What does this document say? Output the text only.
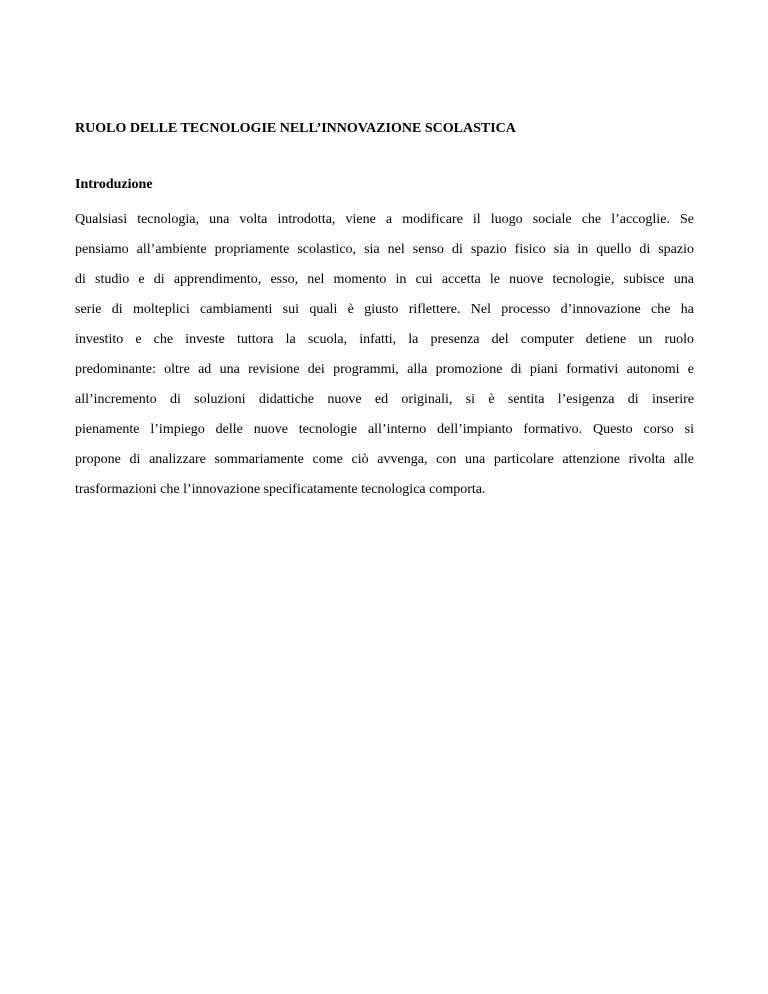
RUOLO DELLE TECNOLOGIE NELL’INNOVAZIONE SCOLASTICA
Introduzione
Qualsiasi tecnologia, una volta introdotta, viene a modificare il luogo sociale che l’accoglie. Se
pensiamo all’ambiente propriamente scolastico, sia nel senso di spazio fisico sia in quello di spazio
di studio e di apprendimento, esso, nel momento in cui accetta le nuove tecnologie, subisce una
serie di molteplici cambiamenti sui quali è giusto riflettere. Nel processo d’innovazione che ha
investito e che investe tuttora la scuola, infatti, la presenza del computer detiene un ruolo
predominante: oltre ad una revisione dei programmi, alla promozione di piani formativi autonomi e
all’incremento di soluzioni didattiche nuove ed originali, si è sentita l’esigenza di inserire
pienamente l’impiego delle nuove tecnologie all’interno dell’impianto formativo. Questo corso si
propone di analizzare sommariamente come ciò avvenga, con una particolare attenzione rivolta alle
trasformazioni che l’innovazione specificatamente tecnologica comporta.
